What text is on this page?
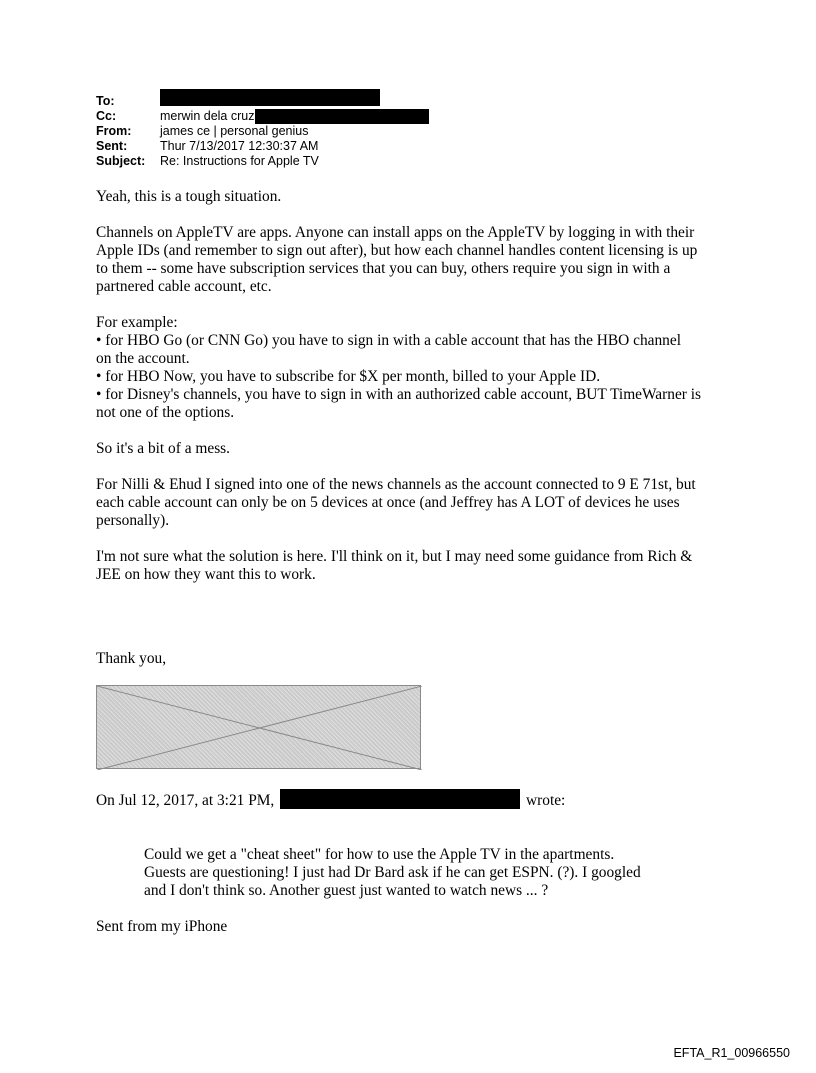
To:
Cc:	merwin dela cruz
From:	james ce | personal genius
Sent:	Thur 7/13/2017 12:30:37 AM
Subject:	Re: Instructions for Apple TV

Yeah, this is a tough situation.

Channels on AppleTV are apps. Anyone can install apps on the AppleTV by logging in with their

Apple IDs (and remember to sign out after), but how each channel handles content licensing is up

to them -- some have subscription services that you can buy, others require you sign in with a

partnered cable account, etc.

For example:

• for HBO Go (or CNN Go) you have to sign in with a cable account that has the HBO channel

on the account.

• for HBO Now, you have to subscribe for $X per month, billed to your Apple ID.

• for Disney's channels, you have to sign in with an authorized cable account, BUT TimeWarner is

not one of the options.

So it's a bit of a mess.

For Nilli & Ehud I signed into one of the news channels as the account connected to 9 E 71st, but

each cable account can only be on 5 devices at once (and Jeffrey has A LOT of devices he uses

personally).

I'm not sure what the solution is here. I'll think on it, but I may need some guidance from Rich &

JEE on how they want this to work.

Thank you,
On Jul 12, 2017, at 3:21 PM,	wrote:

Could we get a "cheat sheet" for how to use the Apple TV in the apartments.

Guests are questioning! I just had Dr Bard ask if he can get ESPN. (?). I googled

and I don't think so. Another guest just wanted to watch news ... ?

Sent from my iPhone
EFTA_R1_00966550
